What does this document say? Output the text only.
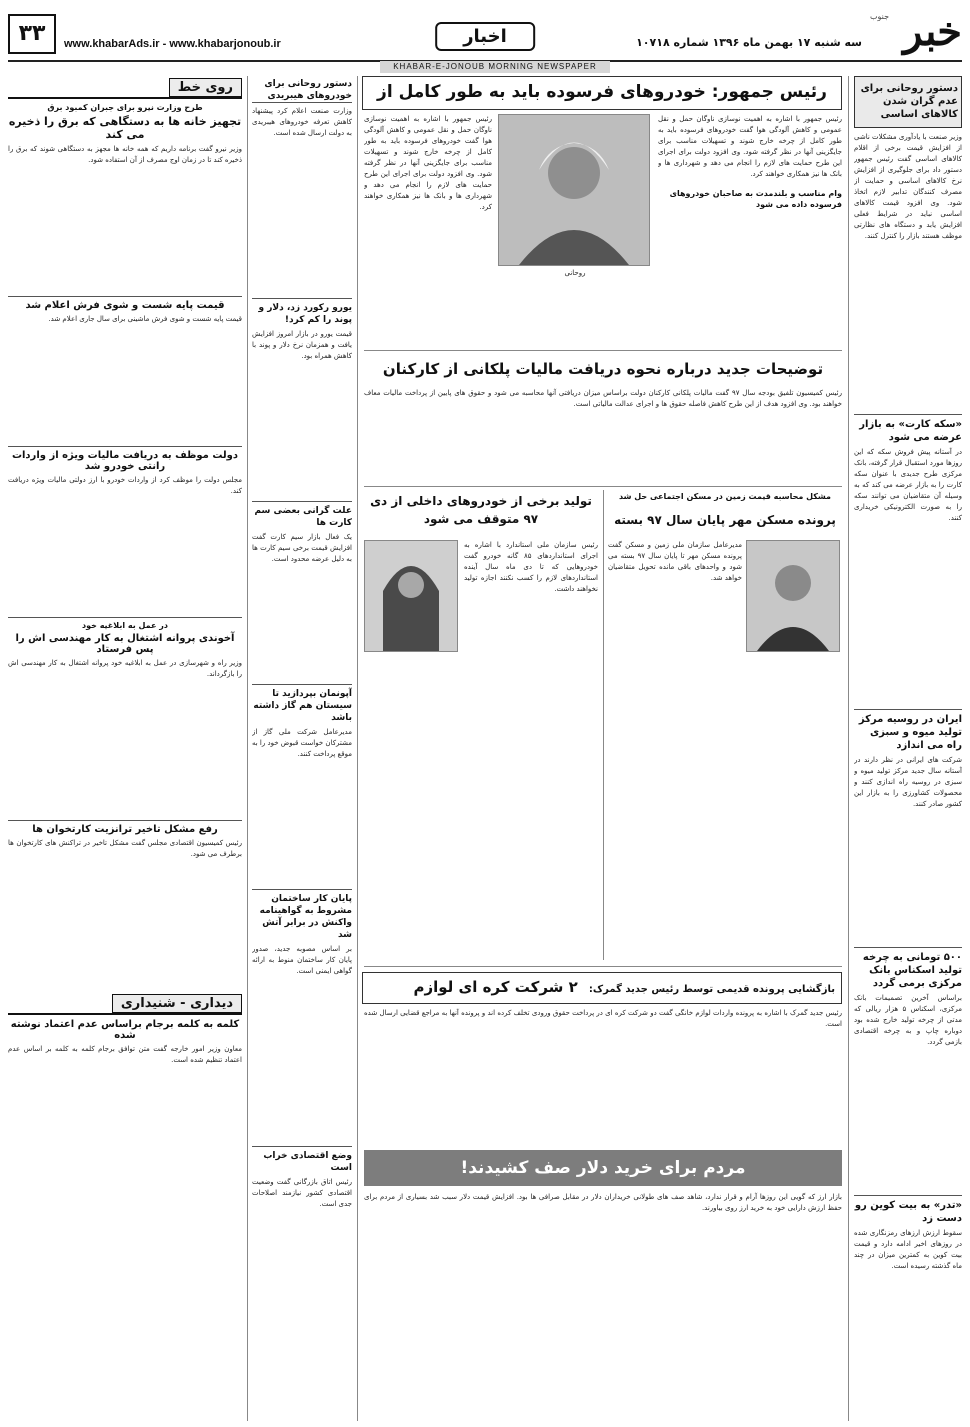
خبر
جنوب
سه شنبه ۱۷ بهمن ماه ۱۳۹۶ شماره ۱۰۷۱۸
اخبار
www.khabarAds.ir - www.khabarjonoub.ir
۳۳
KHABAR-E-JONOUB MORNING NEWSPAPER
دستور روحانی برای عدم گران شدن کالاهای اساسی

وزیر صنعت با یادآوری مشکلات ناشی از افزایش قیمت برخی از اقلام کالاهای اساسی گفت رئیس جمهور دستور داد برای جلوگیری از افزایش نرخ کالاهای اساسی و حمایت از مصرف کنندگان تدابیر لازم اتخاذ شود. وی افزود قیمت کالاهای اساسی نباید در شرایط فعلی افزایش یابد و دستگاه های نظارتی موظف هستند بازار را کنترل کنند.

«سکه کارت» به بازار عرضه می شود

در آستانه پیش فروش سکه که این روزها مورد استقبال قرار گرفته، بانک مرکزی طرح جدیدی با عنوان سکه کارت را به بازار عرضه می کند که به وسیله آن متقاضیان می توانند سکه را به صورت الکترونیکی خریداری کنند.

ایران در روسیه مرکز تولید میوه و سبزی راه می اندازد

شرکت های ایرانی در نظر دارند در آستانه سال جدید مرکز تولید میوه و سبزی در روسیه راه اندازی کنند و محصولات کشاورزی را به بازار این کشور صادر کنند.

۵۰۰ تومانی به چرخه تولید اسکناس بانک مرکزی برمی گردد

براساس آخرین تصمیمات بانک مرکزی، اسکناس ۵ هزار ریالی که مدتی از چرخه تولید خارج شده بود دوباره چاپ و به چرخه اقتصادی بازمی گردد.

«تدر» به بیت کوین رو دست زد

سقوط ارزش ارزهای رمزنگاری شده در روزهای اخیر ادامه دارد و قیمت بیت کوین به کمترین میزان در چند ماه گذشته رسیده است.

رئیس جمهور: خودروهای فرسوده باید به طور کامل از

رئیس جمهور با اشاره به اهمیت نوسازی ناوگان حمل و نقل عمومی و کاهش آلودگی هوا گفت خودروهای فرسوده باید به طور کامل از چرخه خارج شوند و تسهیلات مناسب برای جایگزینی آنها در نظر گرفته شود. وی افزود دولت برای اجرای این طرح حمایت های لازم را انجام می دهد و شهرداری ها و بانک ها نیز همکاری خواهند کرد.

وام مناسب و بلندمدت به صاحبان خودروهای فرسوده داده می شود

رئیس جمهور با اشاره به اهمیت نوسازی ناوگان حمل و نقل عمومی و کاهش آلودگی هوا گفت خودروهای فرسوده باید به طور کامل از چرخه خارج شوند و تسهیلات مناسب برای جایگزینی آنها در نظر گرفته شود. وی افزود دولت برای اجرای این طرح حمایت های لازم را انجام می دهد و شهرداری ها و بانک ها نیز همکاری خواهند کرد.

روحانی

توضیحات جدید درباره نحوه دریافت مالیات پلکانی از کارکنان

رئیس کمیسیون تلفیق بودجه سال ۹۷ گفت مالیات پلکانی کارکنان دولت براساس میزان دریافتی آنها محاسبه می شود و حقوق های پایین از پرداخت مالیات معاف خواهند بود. وی افزود هدف از این طرح کاهش فاصله حقوق ها و اجرای عدالت مالیاتی است.

مشکل محاسبه قیمت زمین در مسکن اجتماعی حل شد
پرونده مسکن مهر پایان سال ۹۷ بسته

مدیرعامل سازمان ملی زمین و مسکن گفت پرونده مسکن مهر تا پایان سال ۹۷ بسته می شود و واحدهای باقی مانده تحویل متقاضیان خواهد شد.

تولید برخی از خودروهای داخلی از دی ۹۷ متوقف می شود

رئیس سازمان ملی استاندارد با اشاره به اجرای استانداردهای ۸۵ گانه خودرو گفت خودروهایی که تا دی ماه سال آینده استانداردهای لازم را کسب نکنند اجازه تولید نخواهند داشت.

بازگشایی پرونده قدیمی توسط رئیس جدید گمرک: ۲ شرکت کره ای لوازم

رئیس جدید گمرک با اشاره به پرونده واردات لوازم خانگی گفت دو شرکت کره ای در پرداخت حقوق ورودی تخلف کرده اند و پرونده آنها به مراجع قضایی ارسال شده است.

مردم برای خرید دلار صف کشیدند!

بازار ارز که گویی این روزها آرام و قرار ندارد، شاهد صف های طولانی خریداران دلار در مقابل صرافی ها بود. افزایش قیمت دلار سبب شد بسیاری از مردم برای حفظ ارزش دارایی خود به خرید ارز روی بیاورند.

دستور روحانی برای خودروهای هیبریدی

وزارت صنعت اعلام کرد پیشنهاد کاهش تعرفه خودروهای هیبریدی به دولت ارسال شده است.

یورو رکورد زد، دلار و پوند را کم کرد!

قیمت یورو در بازار امروز افزایش یافت و همزمان نرخ دلار و پوند با کاهش همراه بود.

علت گرانی بعضی سم کارت ها

یک فعال بازار سیم کارت گفت افزایش قیمت برخی سیم کارت ها به دلیل عرضه محدود است.

آپونمان بپردازید تا سیستان هم گاز داشته باشد

مدیرعامل شرکت ملی گاز از مشترکان خواست قبوض خود را به موقع پرداخت کنند.

پایان کار ساختمان مشروط به گواهینامه واکنش در برابر آتش شد

بر اساس مصوبه جدید، صدور پایان کار ساختمان منوط به ارائه گواهی ایمنی است.

وضع اقتصادی خراب است

رئیس اتاق بازرگانی گفت وضعیت اقتصادی کشور نیازمند اصلاحات جدی است.

روی خط
طرح وزارت نیرو برای جبران کمبود برق
تجهیز خانه ها به دستگاهی که برق را ذخیره می کند

وزیر نیرو گفت برنامه داریم که همه خانه ها مجهز به دستگاهی شوند که برق را ذخیره کند تا در زمان اوج مصرف از آن استفاده شود.

قیمت پایه شست و شوی فرش اعلام شد

قیمت پایه شست و شوی فرش ماشینی برای سال جاری اعلام شد.

دولت موظف به دریافت مالیات ویژه از واردات رانتی خودرو شد

مجلس دولت را موظف کرد از واردات خودرو با ارز دولتی مالیات ویژه دریافت کند.

در عمل به ابلاغیه خود
آخوندی پروانه اشتغال به کار مهندسی اش را پس فرستاد

وزیر راه و شهرسازی در عمل به ابلاغیه خود پروانه اشتغال به کار مهندسی اش را بازگرداند.

رفع مشکل تاخیر ترانزیت کارتخوان ها

رئیس کمیسیون اقتصادی مجلس گفت مشکل تاخیر در تراکنش های کارتخوان ها برطرف می شود.

دیداری - شنیداری
کلمه به کلمه برجام براساس عدم اعتماد نوشته شده

معاون وزیر امور خارجه گفت متن توافق برجام کلمه به کلمه بر اساس عدم اعتماد تنظیم شده است.
